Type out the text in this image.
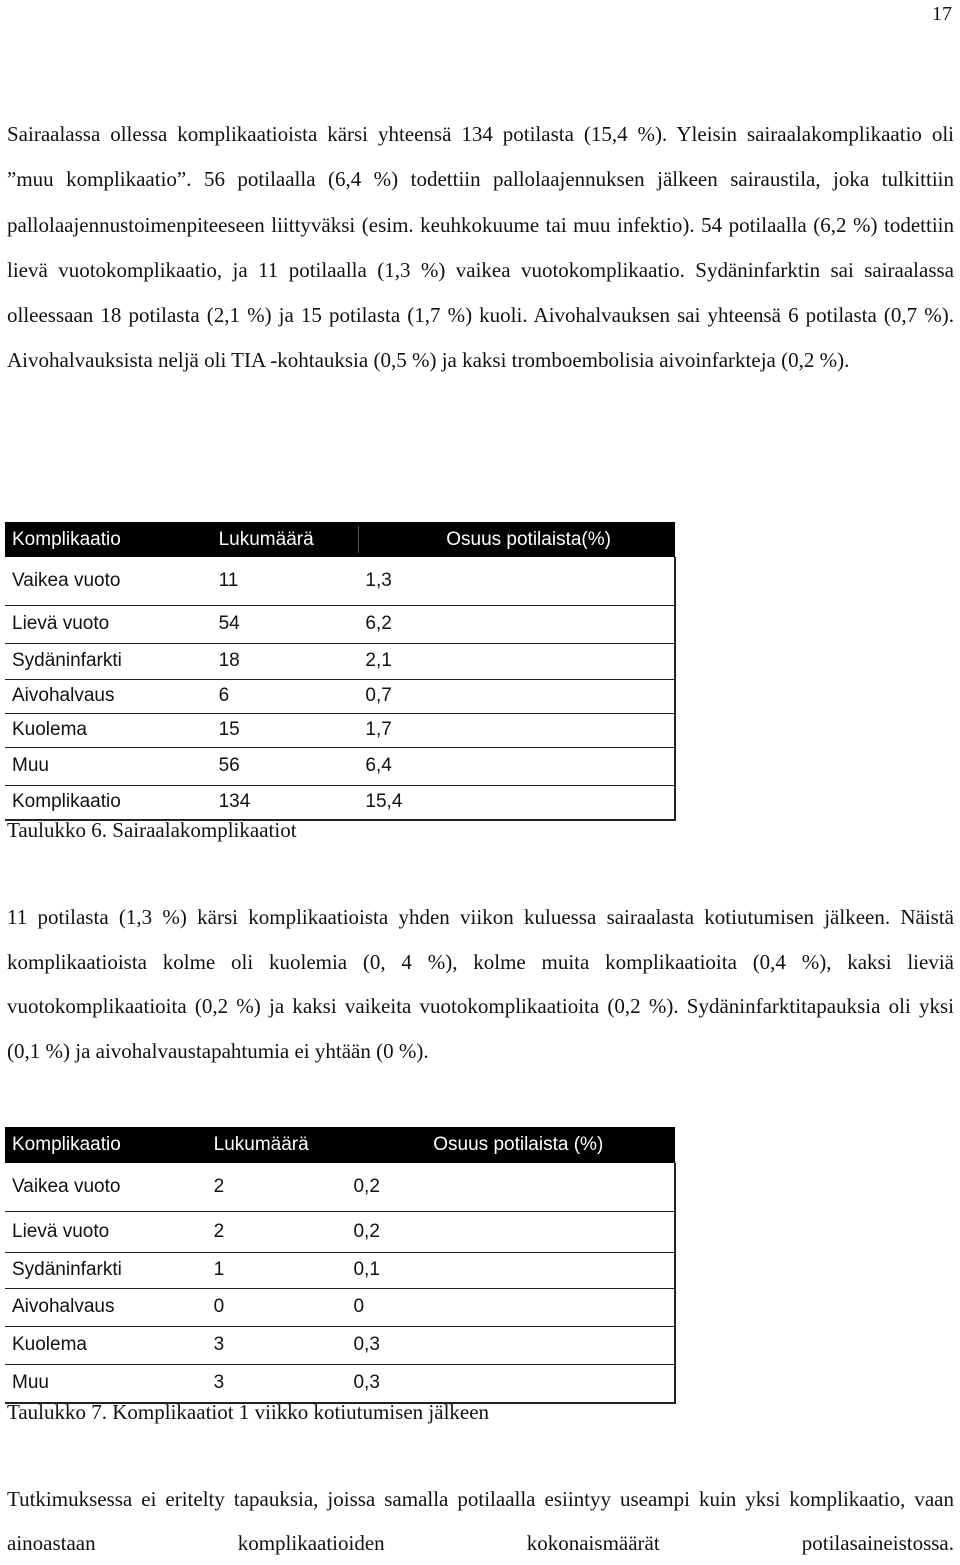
17

Sairaalassa ollessa komplikaatioista kärsi yhteensä 134 potilasta (15,4 %). Yleisin sairaalakomplikaatio oli ”muu komplikaatio”. 56 potilaalla (6,4 %) todettiin pallolaajennuksen jälkeen sairaustila, joka tulkittiin pallolaajennustoimenpiteeseen liittyväksi (esim. keuhkokuume tai muu infektio). 54 potilaalla (6,2 %) todettiin lievä vuotokomplikaatio, ja 11 potilaalla (1,3 %) vaikea vuotokomplikaatio. Sydäninfarktin sai sairaalassa olleessaan 18 potilasta (2,1 %) ja 15 potilasta (1,7 %) kuoli. Aivohalvauksen sai yhteensä 6 potilasta (0,7 %). Aivohalvauksista neljä oli TIA -kohtauksia (0,5 %) ja kaksi tromboembolisia aivoinfarkteja (0,2 %).

Komplikaatio	Lukumäärä		Osuus potilaista(%)
Vaikea vuoto	11	1,3	
Lievä vuoto	54	6,2	
Sydäninfarkti	18	2,1	
Aivohalvaus	6	0,7	
Kuolema	15	1,7	
Muu	56	6,4	
Komplikaatio	134	15,4	

Taulukko 6. Sairaalakomplikaatiot

11 potilasta (1,3 %) kärsi komplikaatioista yhden viikon kuluessa sairaalasta kotiutumisen jälkeen. Näistä komplikaatioista kolme oli kuolemia (0, 4 %), kolme muita komplikaatioita (0,4 %), kaksi lieviä vuotokomplikaatioita (0,2 %) ja kaksi vaikeita vuotokomplikaatioita (0,2 %). Sydäninfarktitapauksia oli yksi (0,1 %) ja aivohalvaustapahtumia ei yhtään (0 %).

Komplikaatio	Lukumäärä		Osuus potilaista (%)
Vaikea vuoto	2	0,2	
Lievä vuoto	2	0,2	
Sydäninfarkti	1	0,1	
Aivohalvaus	0	0	
Kuolema	3	0,3	
Muu	3	0,3	

Taulukko 7. Komplikaatiot 1 viikko kotiutumisen jälkeen

Tutkimuksessa ei eritelty tapauksia, joissa samalla potilaalla esiintyy useampi kuin yksi komplikaatio, vaan ainoastaan komplikaatioiden kokonaismäärät potilasaineistossa.
